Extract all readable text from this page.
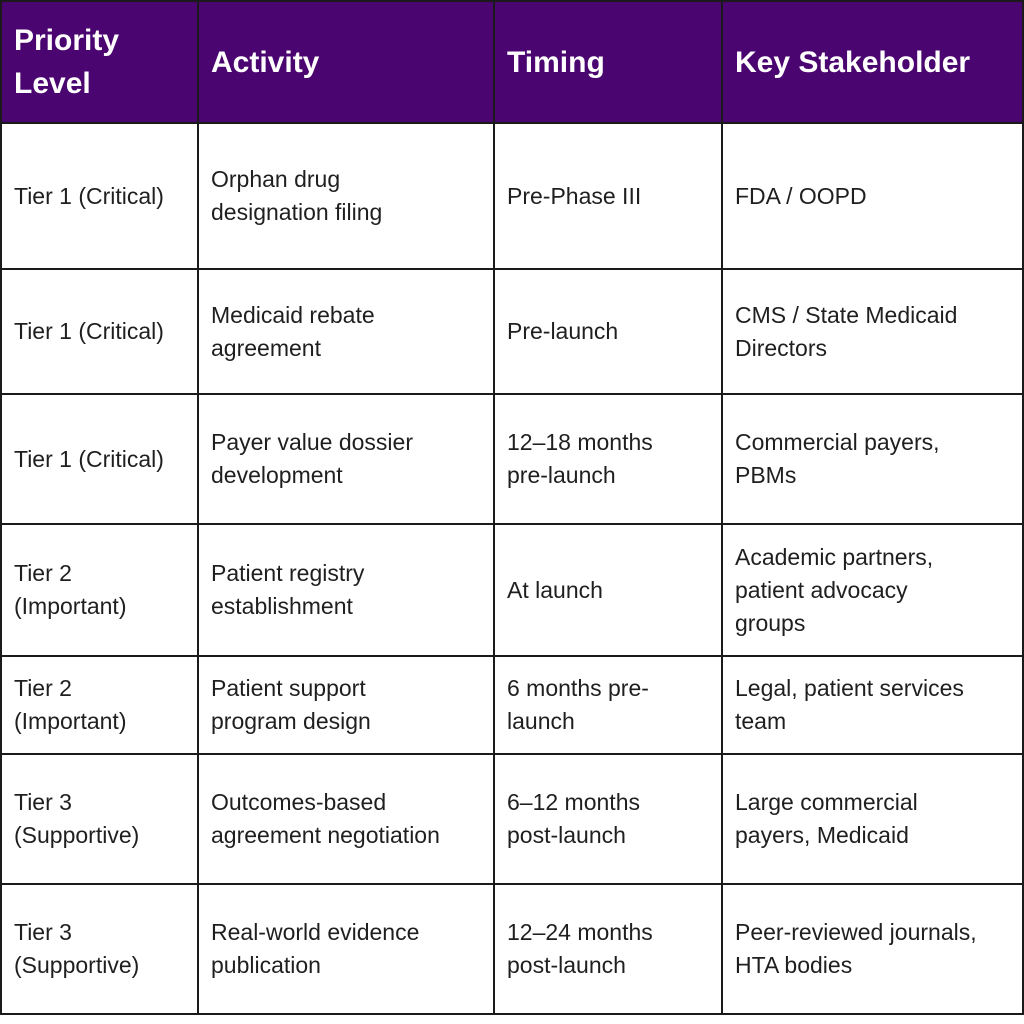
Priority Level	Activity	Timing	Key Stakeholder

Tier 1 (Critical)	Orphan drug designation filing	Pre-Phase III	FDA / OOPD

Tier 1 (Critical)	Medicaid rebate agreement	Pre-launch	CMS / State Medicaid Directors

Tier 1 (Critical)	Payer value dossier development	12–18 months pre-launch	Commercial payers, PBMs

Tier 2 (Important)	Patient registry establishment	At launch	Academic partners, patient advocacy groups

Tier 2 (Important)	Patient support program design	6 months pre-launch	Legal, patient services team

Tier 3 (Supportive)	Outcomes-based agreement negotiation	6–12 months post-launch	Large commercial payers, Medicaid

Tier 3 (Supportive)	Real-world evidence publication	12–24 months post-launch	Peer-reviewed journals, HTA bodies
